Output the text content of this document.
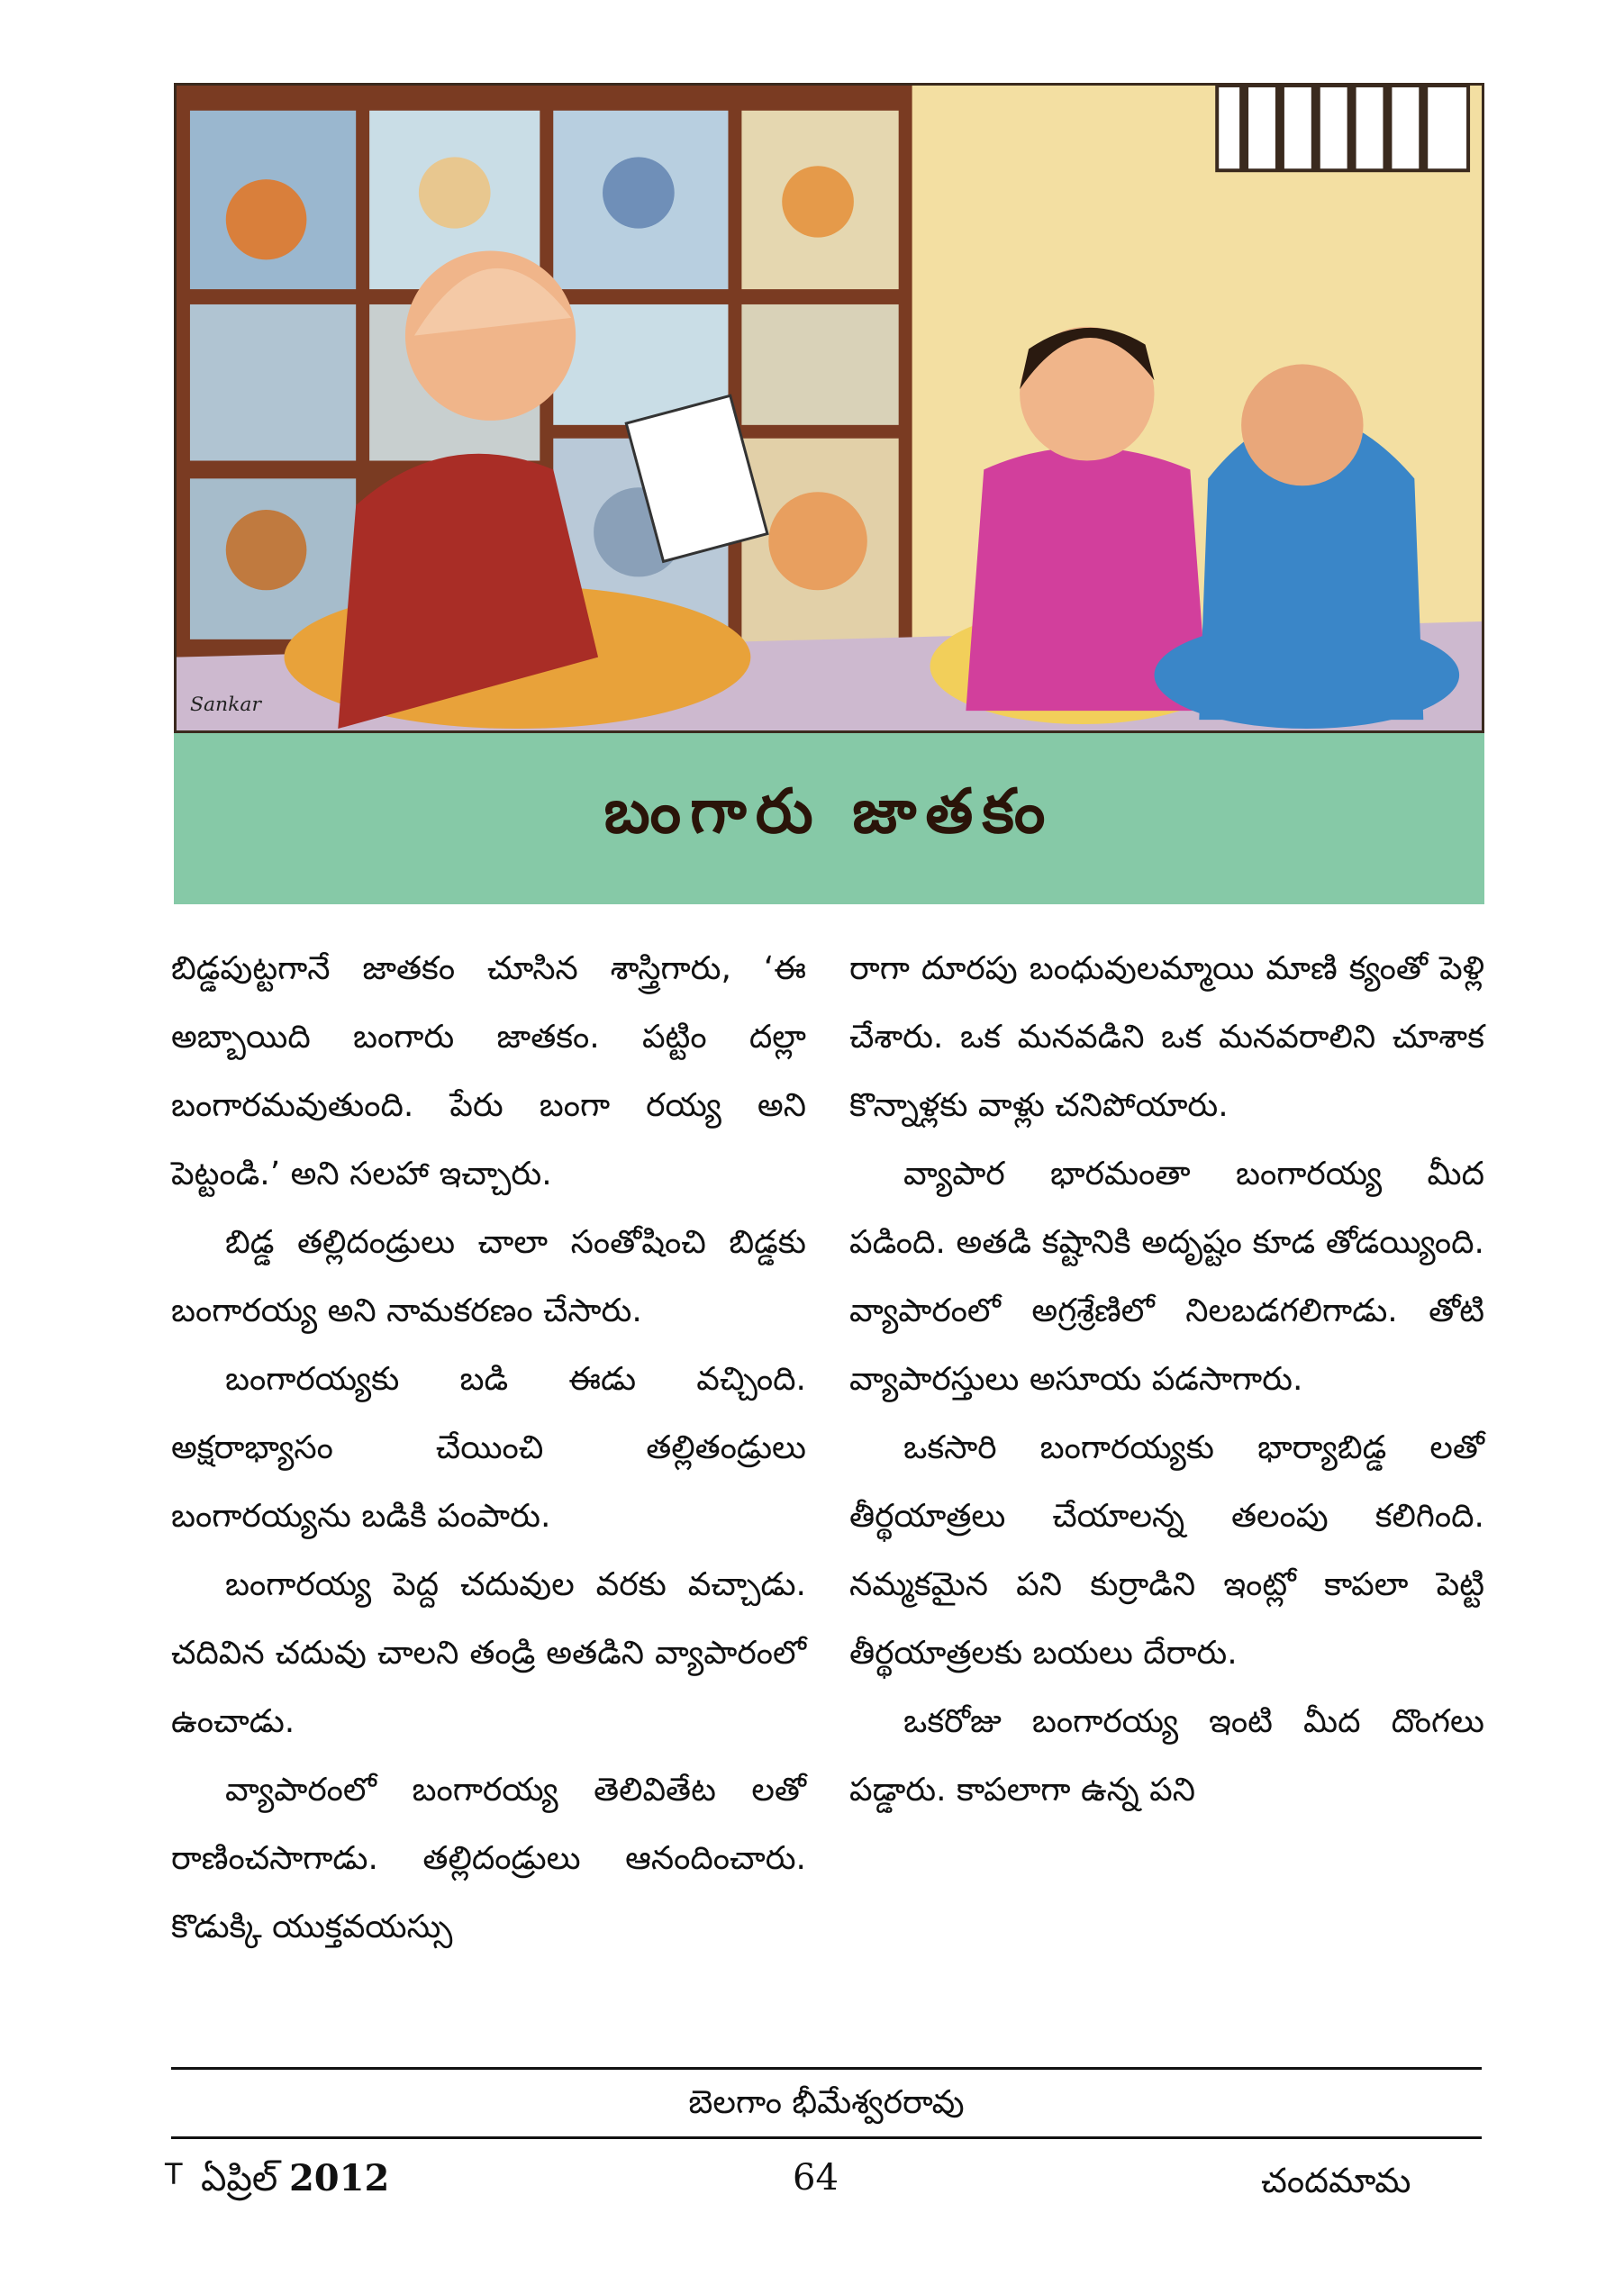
Sankar
బంగారు జాతకం

బిడ్డపుట్టగానే జాతకం చూసిన శాస్త్రిగారు, ‘ఈ అబ్బాయిది బంగారు జాతకం. పట్టిం దల్లా బంగారమవుతుంది. పేరు బంగా రయ్య అని పెట్టండి.’ అని సలహా ఇచ్చారు.

బిడ్డ తల్లిదండ్రులు చాలా సంతోషించి బిడ్డకు బంగారయ్య అని నామకరణం చేసారు.

బంగారయ్యకు బడి ఈడు వచ్చింది. అక్షరాభ్యాసం చేయించి తల్లితండ్రులు బంగారయ్యను బడికి పంపారు.

బంగారయ్య పెద్ద చదువుల వరకు వచ్చాడు. చదివిన చదువు చాలని తండ్రి అతడిని వ్యాపారంలో ఉంచాడు.

వ్యాపారంలో బంగారయ్య తెలివితేట లతో రాణించసాగాడు. తల్లిదండ్రులు ఆనందించారు. కొడుక్కి యుక్తవయస్సు

రాగా దూరపు బంధువులమ్మాయి మాణి క్యంతో పెళ్లి చేశారు. ఒక మనవడిని ఒక మనవరాలిని చూశాక కొన్నాళ్లకు వాళ్లు చనిపోయారు.

వ్యాపార భారమంతా బంగారయ్య మీద పడింది. అతడి కష్టానికి అదృష్టం కూడ తోడయ్యింది. వ్యాపారంలో అగ్రశ్రేణిలో నిలబడగలిగాడు. తోటి వ్యాపారస్తులు అసూయ పడసాగారు.

ఒకసారి బంగారయ్యకు భార్యాబిడ్డ లతో తీర్థయాత్రలు చేయాలన్న తలంపు కలిగింది. నమ్మకమైన పని కుర్రాడిని ఇంట్లో కాపలా పెట్టి తీర్థయాత్రలకు బయలు దేరారు.

ఒకరోజు బంగారయ్య ఇంటి మీద దొంగలు పడ్డారు. కాపలాగా ఉన్న పని

బెలగాం భీమేశ్వరరావు
T ఏప్రిల్ 2012	64	చందమామ
